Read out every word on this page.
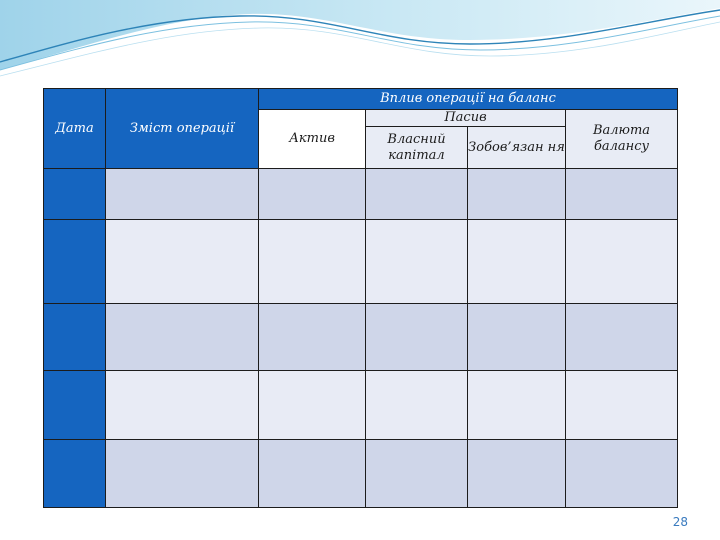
Дата	Зміст операції	Вплив операції на баланс			
		Актив	Пасив		Валюта балансу
			Власний капітал	Зобов’язан ня	

28
